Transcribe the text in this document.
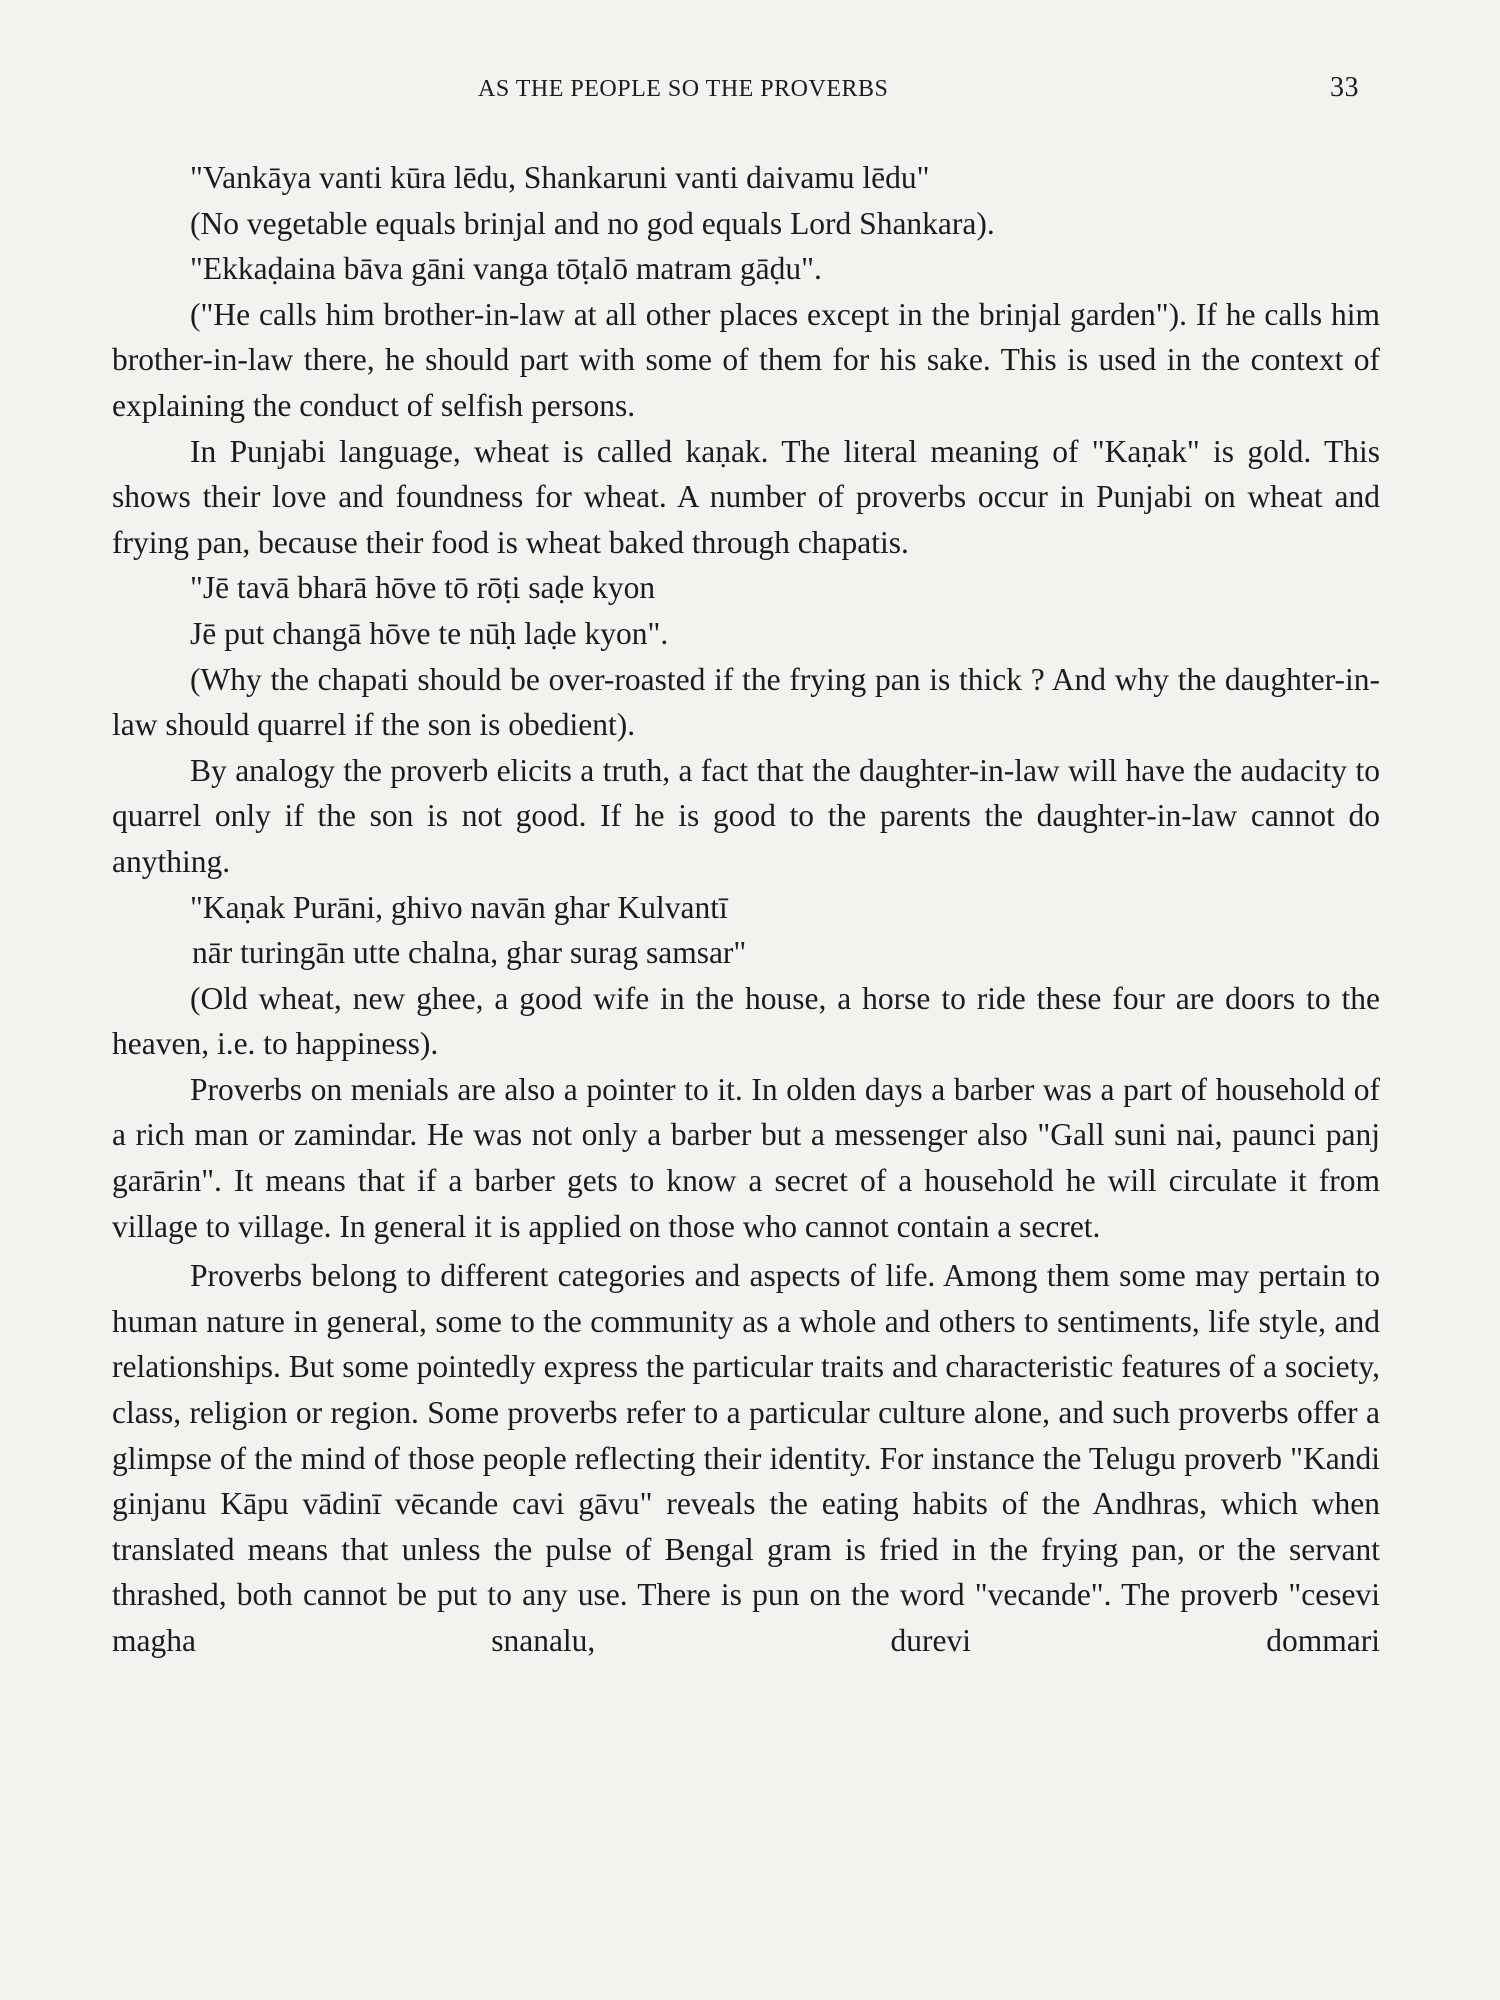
AS THE PEOPLE SO THE PROVERBS	33

"Vankāya vanti kūra lēdu, Shankaruni vanti daivamu lēdu"

(No vegetable equals brinjal and no god equals Lord Shankara).

"Ekkaḍaina bāva gāni vanga tōṭalō matram gāḍu".

("He calls him brother-in-law at all other places except in the brinjal garden"). If he calls him brother-in-law there, he should part with some of them for his sake. This is used in the context of explaining the conduct of selfish persons.

In Punjabi language, wheat is called kaṇak. The literal meaning of "Kaṇak" is gold. This shows their love and foundness for wheat. A number of proverbs occur in Punjabi on wheat and frying pan, because their food is wheat baked through chapatis.

"Jē tavā bharā hōve tō rōṭi saḍe kyon

Jē put changā hōve te nūḥ laḍe kyon".

(Why the chapati should be over-roasted if the frying pan is thick ? And why the daughter-in-law should quarrel if the son is obedient).

By analogy the proverb elicits a truth, a fact that the daughter-in-law will have the audacity to quarrel only if the son is not good. If he is good to the parents the daughter-in-law cannot do anything.

"Kaṇak Purāni, ghivo navān ghar Kulvantī

nār turingān utte chalna, ghar surag samsar"

(Old wheat, new ghee, a good wife in the house, a horse to ride these four are doors to the heaven, i.e. to happiness).

Proverbs on menials are also a pointer to it. In olden days a barber was a part of household of a rich man or zamindar. He was not only a barber but a messenger also "Gall suni nai, paunci panj garārin". It means that if a barber gets to know a secret of a household he will circulate it from village to village. In general it is applied on those who cannot contain a secret.

Proverbs belong to different categories and aspects of life. Among them some may pertain to human nature in general, some to the community as a whole and others to sentiments, life style, and relationships. But some pointedly express the particular traits and characteristic features of a society, class, religion or region. Some proverbs refer to a particular culture alone, and such proverbs offer a glimpse of the mind of those people reflecting their identity. For instance the Telugu proverb "Kandi ginjanu Kāpu vādinī vēcande cavi gāvu" reveals the eating habits of the Andhras, which when translated means that unless the pulse of Bengal gram is fried in the frying pan, or the servant thrashed, both cannot be put to any use. There is pun on the word "vecande". The proverb "cesevi magha snanalu, durevi dommari
